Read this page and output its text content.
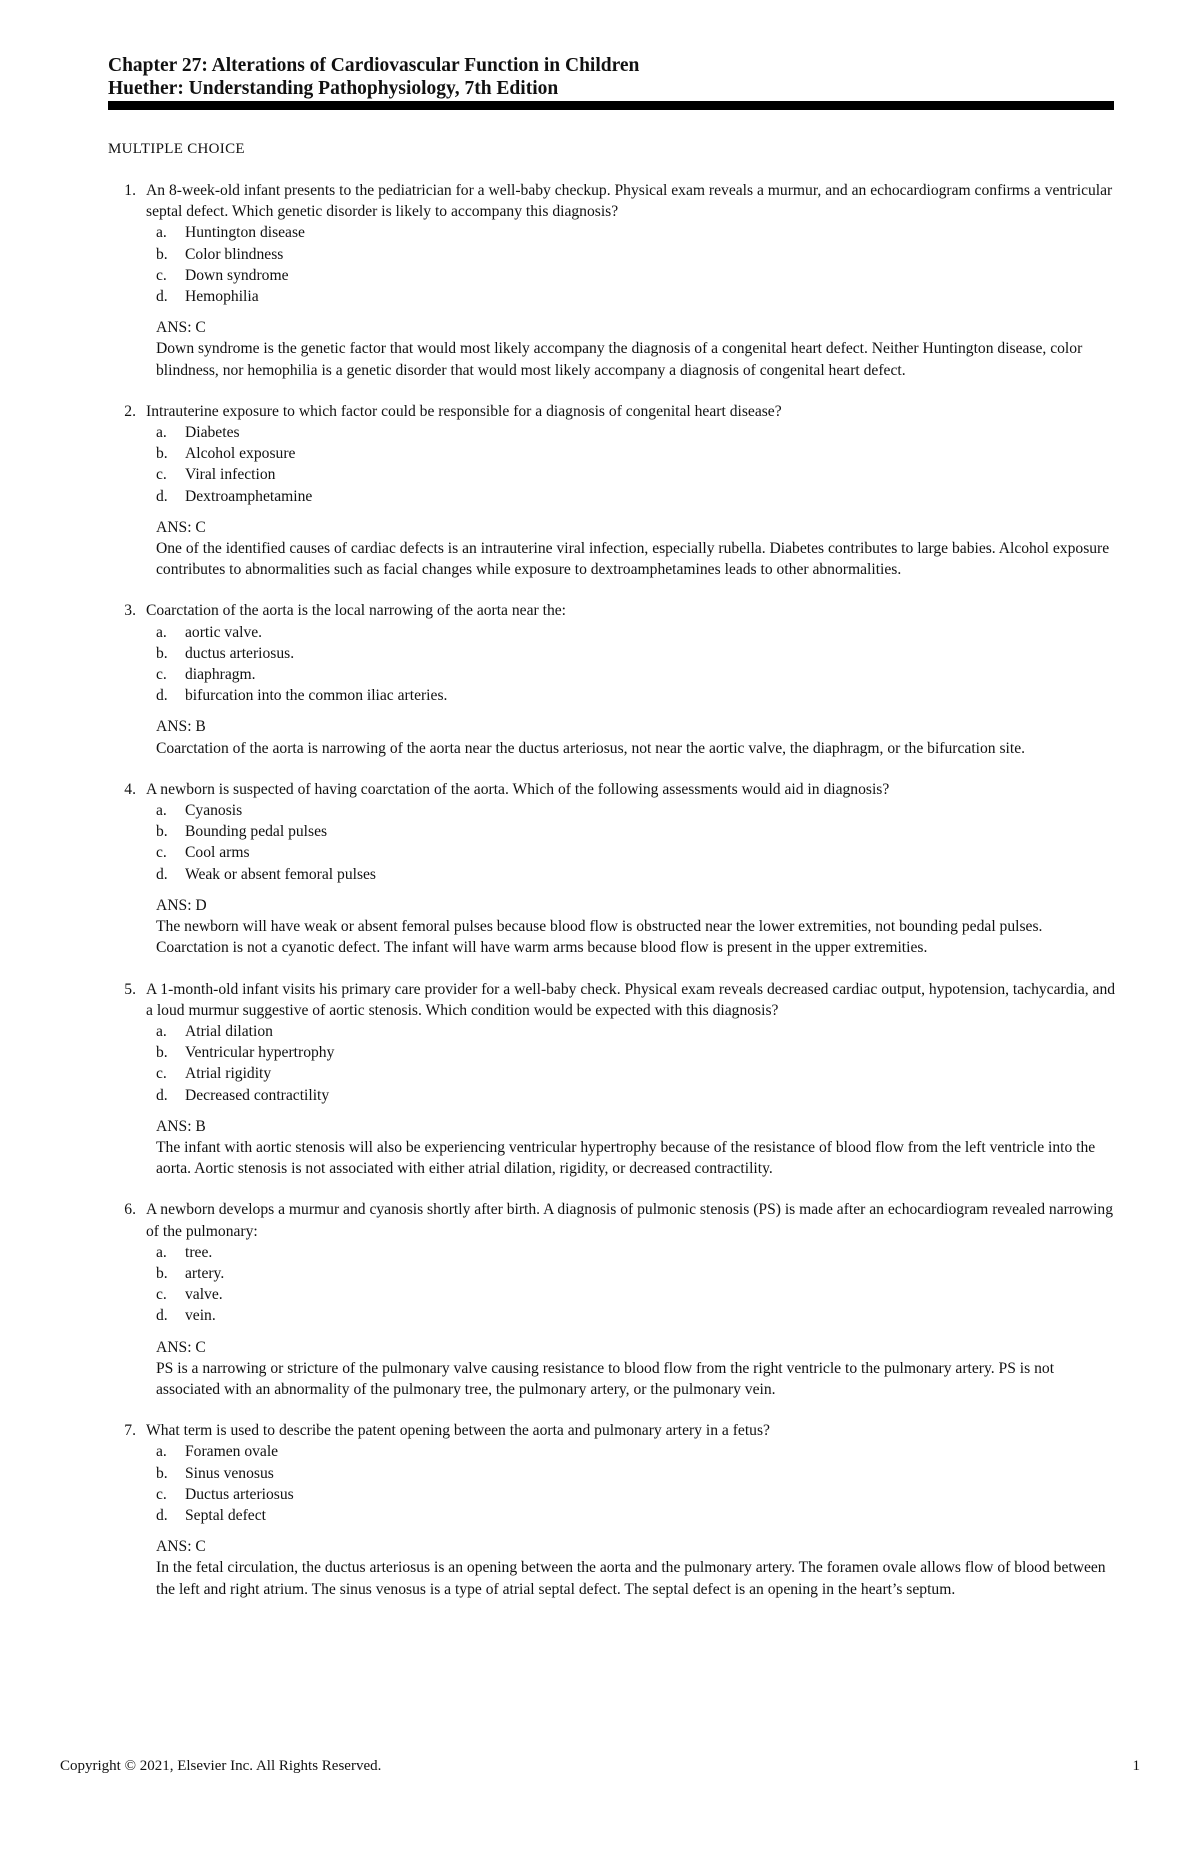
Chapter 27: Alterations of Cardiovascular Function in Children
Huether: Understanding Pathophysiology, 7th Edition
MULTIPLE CHOICE
1. An 8-week-old infant presents to the pediatrician for a well-baby checkup. Physical exam reveals a murmur, and an echocardiogram confirms a ventricular septal defect. Which genetic disorder is likely to accompany this diagnosis?
a.	Huntington disease
b.	Color blindness
c.	Down syndrome
d.	Hemophilia
ANS: C
Down syndrome is the genetic factor that would most likely accompany the diagnosis of a congenital heart defect. Neither Huntington disease, color blindness, nor hemophilia is a genetic disorder that would most likely accompany a diagnosis of congenital heart defect.
2. Intrauterine exposure to which factor could be responsible for a diagnosis of congenital heart disease?
a.	Diabetes
b.	Alcohol exposure
c.	Viral infection
d.	Dextroamphetamine
ANS: C
One of the identified causes of cardiac defects is an intrauterine viral infection, especially rubella. Diabetes contributes to large babies. Alcohol exposure contributes to abnormalities such as facial changes while exposure to dextroamphetamines leads to other abnormalities.
3. Coarctation of the aorta is the local narrowing of the aorta near the:
a.	aortic valve.
b.	ductus arteriosus.
c.	diaphragm.
d.	bifurcation into the common iliac arteries.
ANS: B
Coarctation of the aorta is narrowing of the aorta near the ductus arteriosus, not near the aortic valve, the diaphragm, or the bifurcation site.
4. A newborn is suspected of having coarctation of the aorta. Which of the following assessments would aid in diagnosis?
a.	Cyanosis
b.	Bounding pedal pulses
c.	Cool arms
d.	Weak or absent femoral pulses
ANS: D
The newborn will have weak or absent femoral pulses because blood flow is obstructed near the lower extremities, not bounding pedal pulses. Coarctation is not a cyanotic defect. The infant will have warm arms because blood flow is present in the upper extremities.
5. A 1-month-old infant visits his primary care provider for a well-baby check. Physical exam reveals decreased cardiac output, hypotension, tachycardia, and a loud murmur suggestive of aortic stenosis. Which condition would be expected with this diagnosis?
a.	Atrial dilation
b.	Ventricular hypertrophy
c.	Atrial rigidity
d.	Decreased contractility
ANS: B
The infant with aortic stenosis will also be experiencing ventricular hypertrophy because of the resistance of blood flow from the left ventricle into the aorta. Aortic stenosis is not associated with either atrial dilation, rigidity, or decreased contractility.
6. A newborn develops a murmur and cyanosis shortly after birth. A diagnosis of pulmonic stenosis (PS) is made after an echocardiogram revealed narrowing of the pulmonary:
a.	tree.
b.	artery.
c.	valve.
d.	vein.
ANS: C
PS is a narrowing or stricture of the pulmonary valve causing resistance to blood flow from the right ventricle to the pulmonary artery. PS is not associated with an abnormality of the pulmonary tree, the pulmonary artery, or the pulmonary vein.
7. What term is used to describe the patent opening between the aorta and pulmonary artery in a fetus?
a.	Foramen ovale
b.	Sinus venosus
c.	Ductus arteriosus
d.	Septal defect
ANS: C
In the fetal circulation, the ductus arteriosus is an opening between the aorta and the pulmonary artery. The foramen ovale allows flow of blood between the left and right atrium. The sinus venosus is a type of atrial septal defect. The septal defect is an opening in the heart’s septum.
Copyright © 2021, Elsevier Inc. All Rights Reserved.	1
